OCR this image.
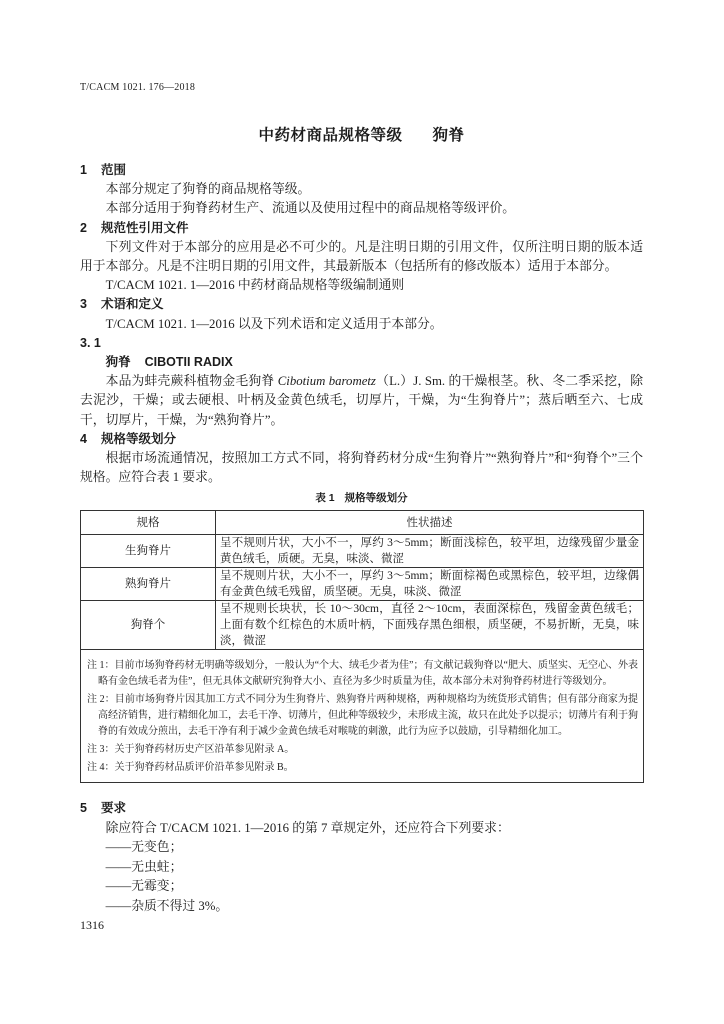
T/CACM 1021. 176—2018
中药材商品规格等级 狗脊
1 范围

本部分规定了狗脊的商品规格等级。

本部分适用于狗脊药材生产、流通以及使用过程中的商品规格等级评价。

2 规范性引用文件

下列文件对于本部分的应用是必不可少的。凡是注明日期的引用文件，仅所注明日期的版本适用于本部分。凡是不注明日期的引用文件，其最新版本（包括所有的修改版本）适用于本部分。

T/CACM 1021. 1—2016 中药材商品规格等级编制通则

3 术语和定义

T/CACM 1021. 1—2016 以及下列术语和定义适用于本部分。

3. 1
狗脊 CIBOTII RADIX

本品为蚌壳蕨科植物金毛狗脊 Cibotium barometz（L.）J. Sm. 的干燥根茎。秋、冬二季采挖，除去泥沙，干燥；或去硬根、叶柄及金黄色绒毛，切厚片，干燥，为“生狗脊片”；蒸后晒至六、七成干，切厚片，干燥，为“熟狗脊片”。

4 规格等级划分

根据市场流通情况，按照加工方式不同，将狗脊药材分成“生狗脊片”“熟狗脊片”和“狗脊个”三个规格。应符合表 1 要求。

表 1 规格等级划分
规格	性状描述
生狗脊片	呈不规则片状，大小不一，厚约 3～5mm；断面浅棕色，较平坦，边缘残留少量金黄色绒毛，质硬。无臭，味淡、微涩
熟狗脊片	呈不规则片状，大小不一，厚约 3～5mm；断面棕褐色或黑棕色，较平坦，边缘偶有金黄色绒毛残留，质坚硬。无臭，味淡、微涩
狗脊个	呈不规则长块状，长 10～30cm，直径 2～10cm，表面深棕色，残留金黄色绒毛；上面有数个红棕色的木质叶柄，下面残存黑色细根，质坚硬，不易折断，无臭，味淡，微涩

注 1：目前市场狗脊药材无明确等级划分，一般认为“个大、绒毛少者为佳”；有文献记载狗脊以“肥大、质坚实、无空心、外表略有金色绒毛者为佳”，但无具体文献研究狗脊大小、直径为多少时质量为佳，故本部分未对狗脊药材进行等级划分。
注 2：目前市场狗脊片因其加工方式不同分为生狗脊片、熟狗脊片两种规格，两种规格均为统货形式销售；但有部分商家为提高经济销售，进行精细化加工，去毛干净、切薄片，但此种等级较少，未形成主流，故只在此处予以提示；切薄片有利于狗脊的有效成分煎出，去毛干净有利于减少金黄色绒毛对喉咙的刺激，此行为应予以鼓励，引导精细化加工。
注 3：关于狗脊药材历史产区沿革参见附录 A。
注 4：关于狗脊药材品质评价沿革参见附录 B。	
5 要求

除应符合 T/CACM 1021. 1—2016 的第 7 章规定外，还应符合下列要求：

——无变色；

——无虫蛀；

——无霉变；

——杂质不得过 3%。

1316
